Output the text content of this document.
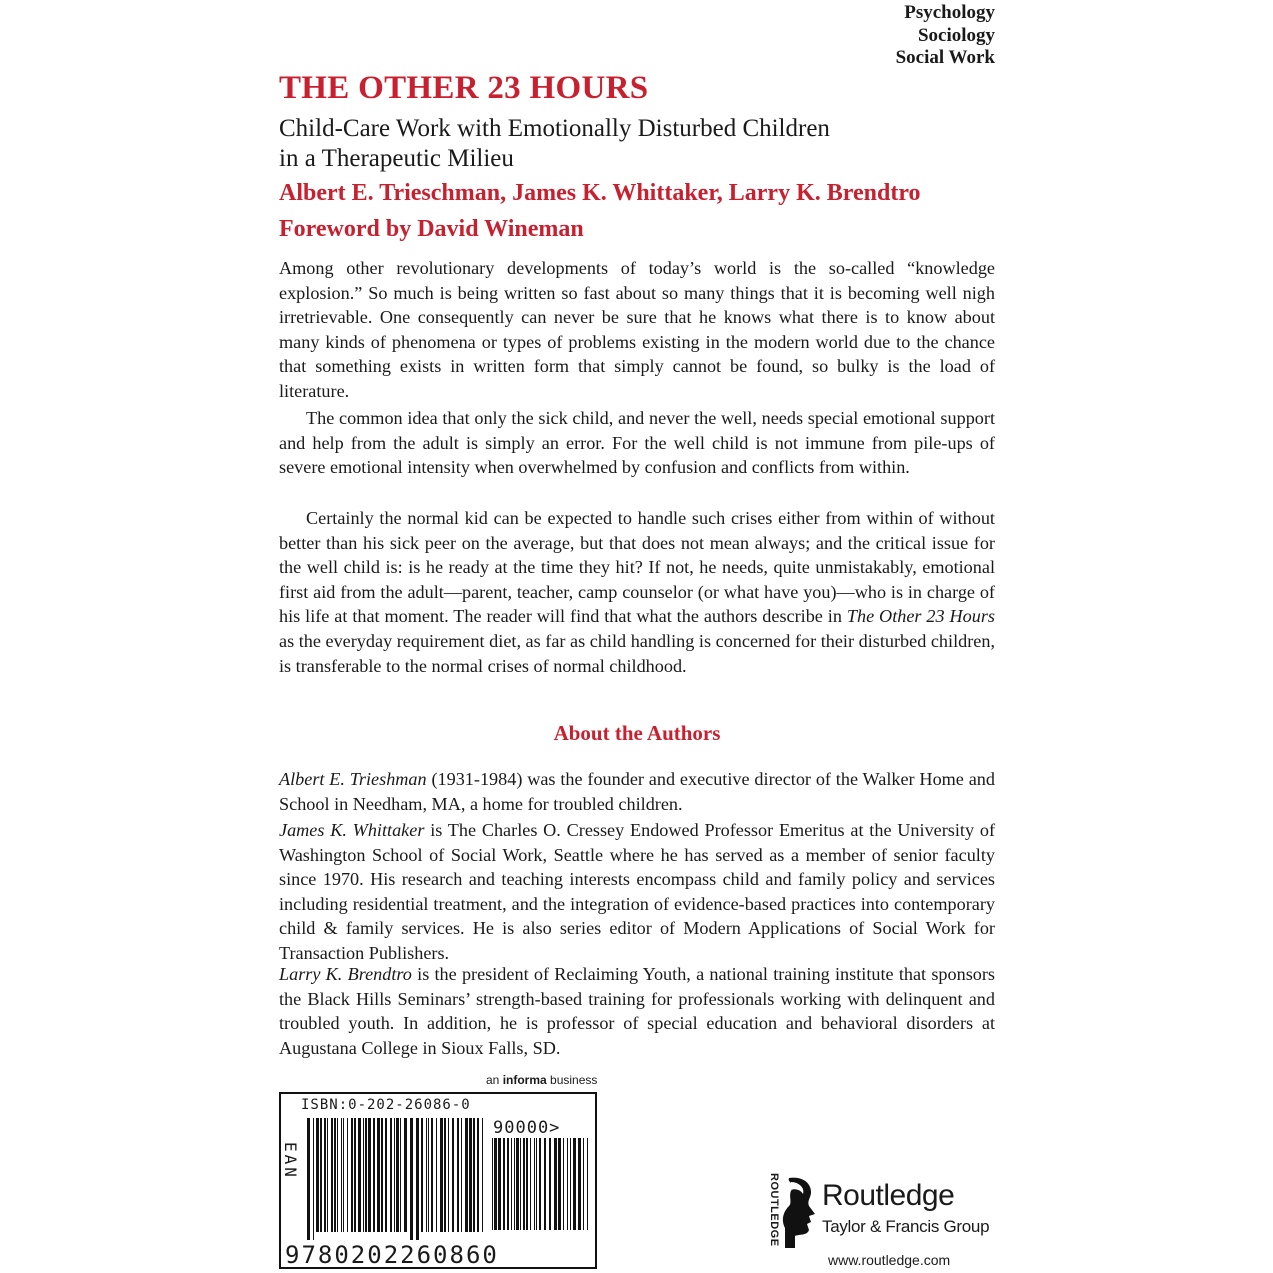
Psychology
Sociology
Social Work
THE OTHER 23 HOURS
Child-Care Work with Emotionally Disturbed Children
in a Therapeutic Milieu
Albert E. Trieschman, James K. Whittaker, Larry K. Brendtro
Foreword by David Wineman

Among other revolutionary developments of today’s world is the so-called “knowledge explosion.” So much is being written so fast about so many things that it is becoming well nigh irretrievable. One consequently can never be sure that he knows what there is to know about many kinds of phenomena or types of problems existing in the modern world due to the chance that something exists in written form that simply cannot be found, so bulky is the load of literature.

The common idea that only the sick child, and never the well, needs special emotional support and help from the adult is simply an error. For the well child is not immune from pile-ups of severe emotional intensity when overwhelmed by confusion and conflicts from within.

Certainly the normal kid can be expected to handle such crises either from within of without better than his sick peer on the average, but that does not mean always; and the critical issue for the well child is: is he ready at the time they hit? If not, he needs, quite unmistakably, emotional first aid from the adult—parent, teacher, camp counselor (or what have you)—who is in charge of his life at that moment. The reader will find that what the authors describe in The Other 23 Hours as the everyday requirement diet, as far as child handling is concerned for their disturbed children, is transferable to the normal crises of normal childhood.

About the Authors

Albert E. Trieshman (1931-1984) was the founder and executive director of the Walker Home and School in Needham, MA, a home for troubled children.

James K. Whittaker is The Charles O. Cressey Endowed Professor Emeritus at the University of Washington School of Social Work, Seattle where he has served as a member of senior faculty since 1970. His research and teaching interests encompass child and family policy and services including residential treatment, and the integration of evidence-based practices into contemporary child & family services. He is also series editor of Modern Applications of Social Work for Transaction Publishers.

Larry K. Brendtro is the president of Reclaiming Youth, a national training institute that sponsors the Black Hills Seminars’ strength-based training for professionals working with delinquent and troubled youth. In addition, he is professor of special education and behavioral disorders at Augustana College in Sioux Falls, SD.

an informa business
ISBN:0-202-26086-0
EAN
90000>
9780202260860
ROUTLEDGE Routledge
Taylor & Francis Group
www.routledge.com
